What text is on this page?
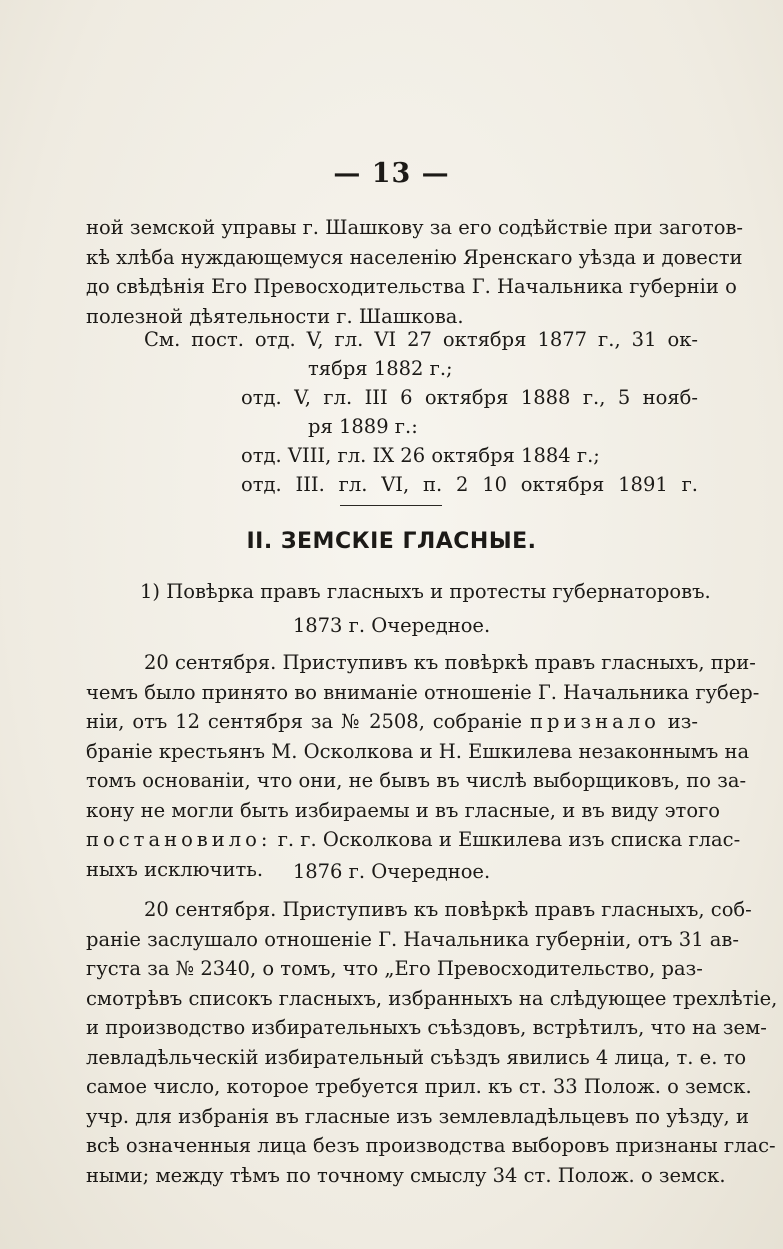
— 13 —
ной земской управы г. Шашкову за его содѣйствіе при заготов-
кѣ хлѣба нуждающемуся населенію Яренскаго уѣзда и довести
до свѣдѣнія Его Превосходительства Г. Начальника губерніи о
полезной дѣятельности г. Шашкова.
См. пост. отд. V, гл. VI 27 октября 1877 г., 31 ок-
тября 1882 г.;
отд. V, гл. III 6 октября 1888 г., 5 нояб-
ря 1889 г.:
отд. VIII, гл. IX 26 октября 1884 г.;
отд. III. гл. VI, п. 2 10 октября 1891 г.
II. ЗЕМСКІЕ ГЛАСНЫЕ.
1) Повѣрка правъ гласныхъ и протесты губернаторовъ.
1873 г. Очередное.
20 сентября. Приступивъ къ повѣркѣ правъ гласныхъ, при-
чемъ было принято во вниманіе отношеніе Г. Начальника губер-
ніи, отъ 12 сентября за № 2508, собраніе признало из-
браніе крестьянъ М. Осколкова и Н. Ешкилева незаконнымъ на
томъ основаніи, что они, не бывъ въ числѣ выборщиковъ, по за-
кону не могли быть избираемы и въ гласные, и въ виду этого
постановило: г. г. Осколкова и Ешкилева изъ списка глас-
ныхъ исключить.	1876 г. Очередное.
20 сентября. Приступивъ къ повѣркѣ правъ гласныхъ, соб-
раніе заслушало отношеніе Г. Начальника губерніи, отъ 31 ав-
густа за № 2340, о томъ, что „Его Превосходительство, раз-
смотрѣвъ списокъ гласныхъ, избранныхъ на слѣдующее трехлѣтіе,
и производство избирательныхъ съѣздовъ, встрѣтилъ, что на зем-
левладѣльческій избирательный съѣздъ явились 4 лица, т. е. то
самое число, которое требуется прил. къ ст. 33 Полож. о земск.
учр. для избранія въ гласные изъ землевладѣльцевъ по уѣзду, и
всѣ означенныя лица безъ производства выборовъ признаны глас-
ными; между тѣмъ по точному смыслу 34 ст. Полож. о земск.
